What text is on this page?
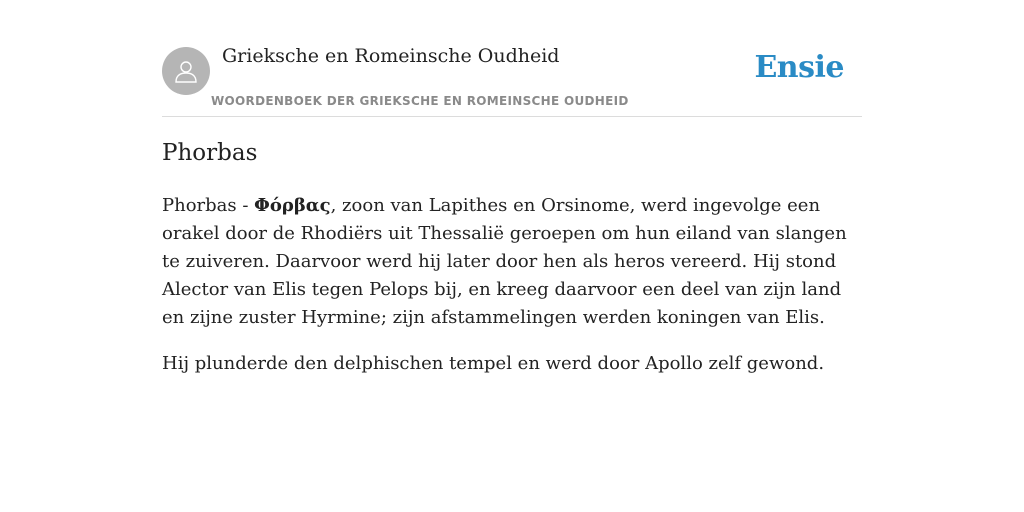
Grieksche en Romeinsche Oudheid
WOORDENBOEK DER GRIEKSCHE EN ROMEINSCHE OUDHEID
Ensie
Phorbas

Phorbas - Φόρβας, zoon van Lapithes en Orsinome, werd ingevolge een orakel door de Rhodiërs uit Thessalië geroepen om hun eiland van slangen te zuiveren. Daarvoor werd hij later door hen als heros vereerd. Hij stond Alector van Elis tegen Pelops bij, en kreeg daarvoor een deel van zijn land en zijne zuster Hyrmine; zijn afstammelingen werden koningen van Elis.

Hij plunderde den delphischen tempel en werd door Apollo zelf gewond.
